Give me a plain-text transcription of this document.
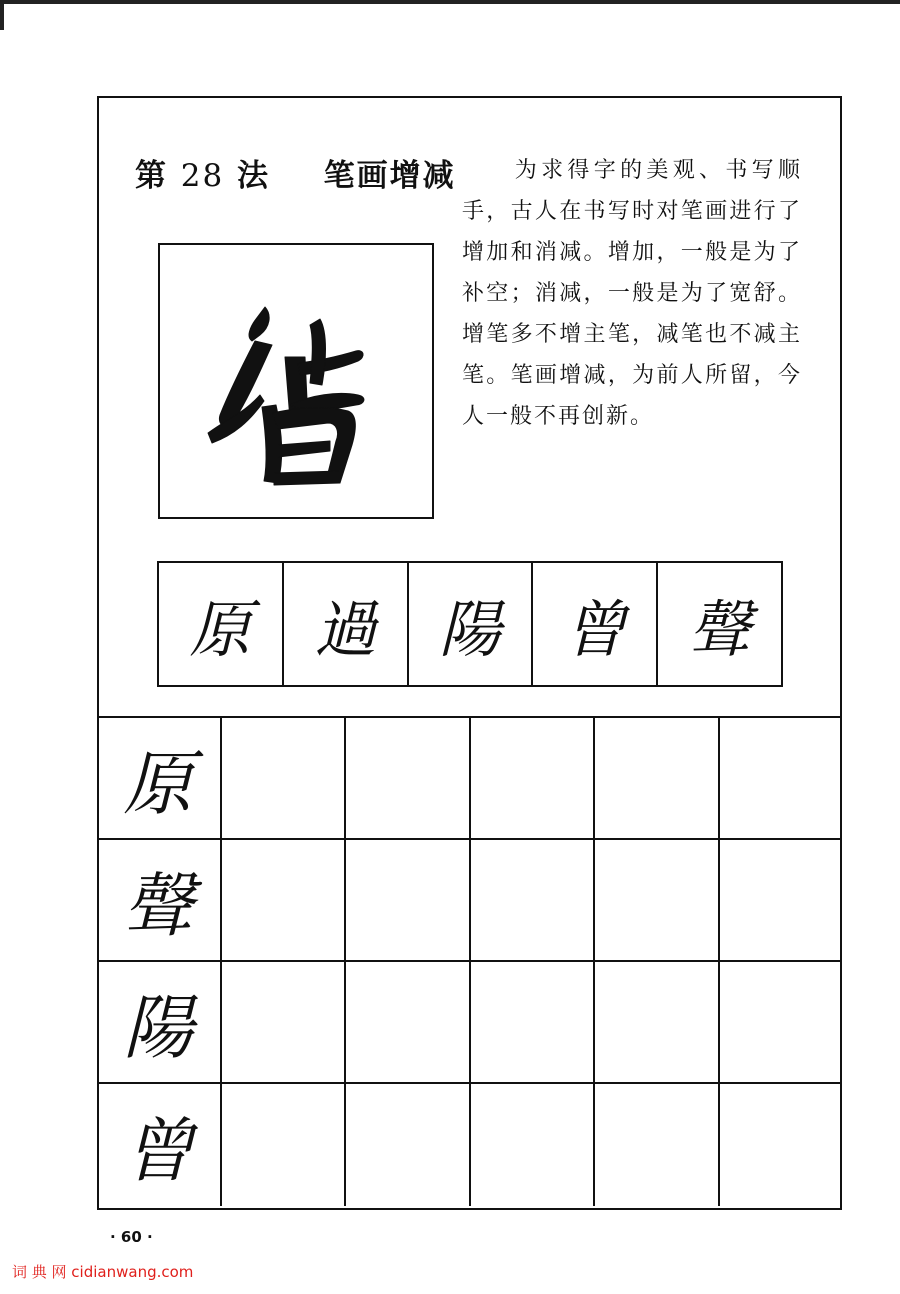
第 28 法 笔画增减	为求得字的美观、书写顺手，古人在书写时对笔画进行了增加和消减。增加，一般是为了补空；消减，一般是为了宽舒。增笔多不增主笔，减笔也不减主笔。笔画增减，为前人所留，今人一般不再创新。
原	過	陽	曾	聲
原
聲
陽
曾
· 60 ·
词 典 网 cidianwang.com
